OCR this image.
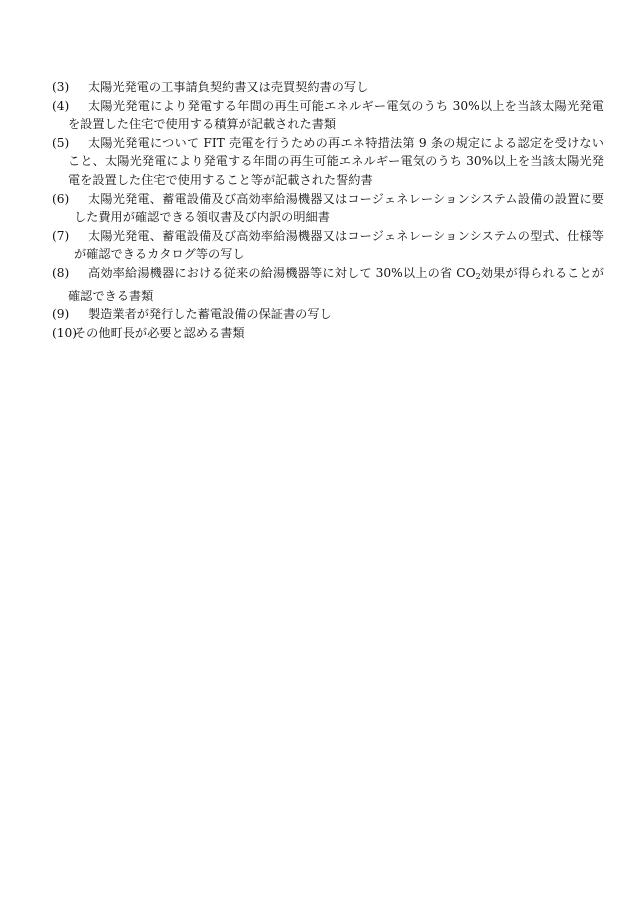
(3)	太陽光発電の工事請負契約書又は売買契約書の写し
(4)	太陽光発電により発電する年間の再生可能エネルギー電気のうち 30%以上を当該太陽光発電を設置した住宅で使用する積算が記載された書類
(5)	太陽光発電について FIT 売電を行うための再エネ特措法第 9 条の規定による認定を受けないこと、太陽光発電により発電する年間の再生可能エネルギー電気のうち 30%以上を当該太陽光発電を設置した住宅で使用すること等が記載された誓約書
(6)	太陽光発電、蓄電設備及び高効率給湯機器又はコージェネレーションシステム設備の設置に要した費用が確認できる領収書及び内訳の明細書
(7)	太陽光発電、蓄電設備及び高効率給湯機器又はコージェネレーションシステムの型式、仕様等が確認できるカタログ等の写し
(8)	高効率給湯機器における従来の給湯機器等に対して 30%以上の省 $CO_2$効果が得られることが確認できる書類
(9)	製造業者が発行した蓄電設備の保証書の写し
(10)
その他町長が必要と認める書類
